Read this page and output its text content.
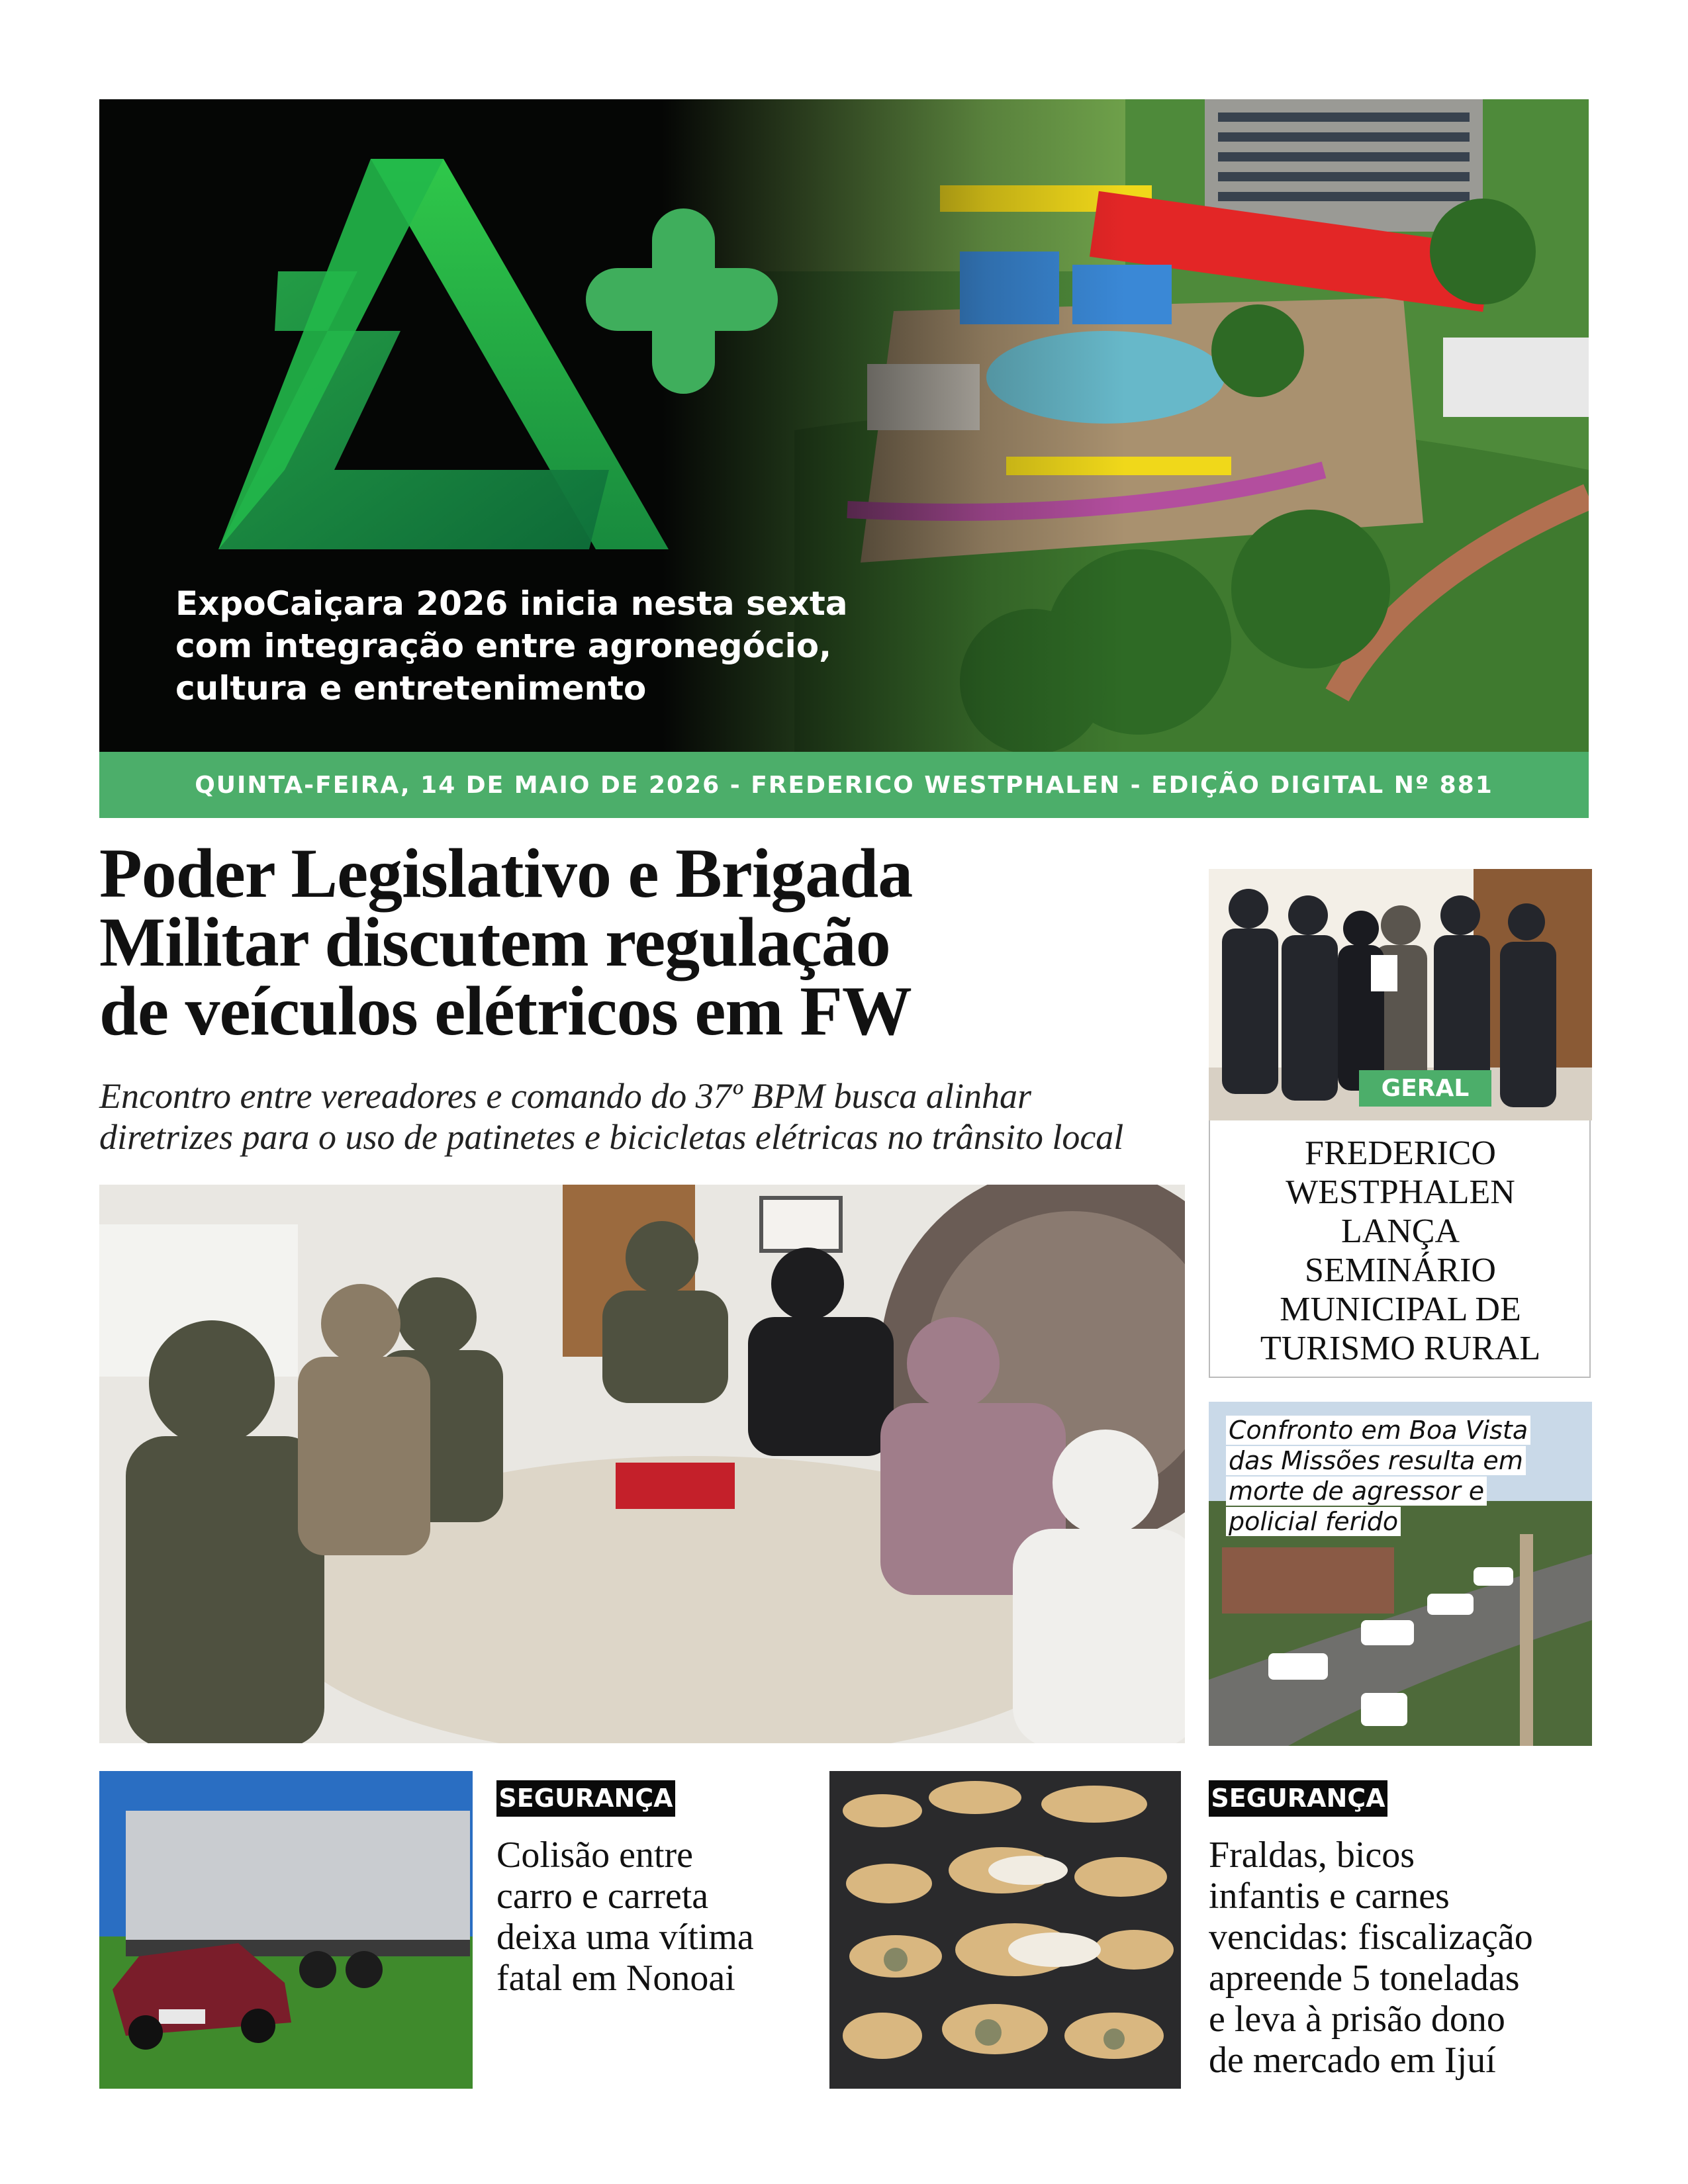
ExpoCaiçara 2026 inicia nesta sexta
com integração entre agronegócio,
cultura e entretenimento
QUINTA-FEIRA, 14 DE MAIO DE 2026 - FREDERICO WESTPHALEN - EDIÇÃO DIGITAL Nº 881
Poder Legislativo e Brigada
Militar discutem regulação
de veículos elétricos em FW
Encontro entre vereadores e comando do 37º BPM busca alinhar
diretrizes para o uso de patinetes e bicicletas elétricas no trânsito local
GERAL
FREDERICO
WESTPHALEN
LANÇA
SEMINÁRIO
MUNICIPAL DE
TURISMO RURAL
Confronto em Boa Vista
das Missões resulta em
morte de agressor e
policial ferido
SEGURANÇA
Colisão entre
carro e carreta
deixa uma vítima
fatal em Nonoai
SEGURANÇA
Fraldas, bicos
infantis e carnes
vencidas: fiscalização
apreende 5 toneladas
e leva à prisão dono
de mercado em Ijuí
